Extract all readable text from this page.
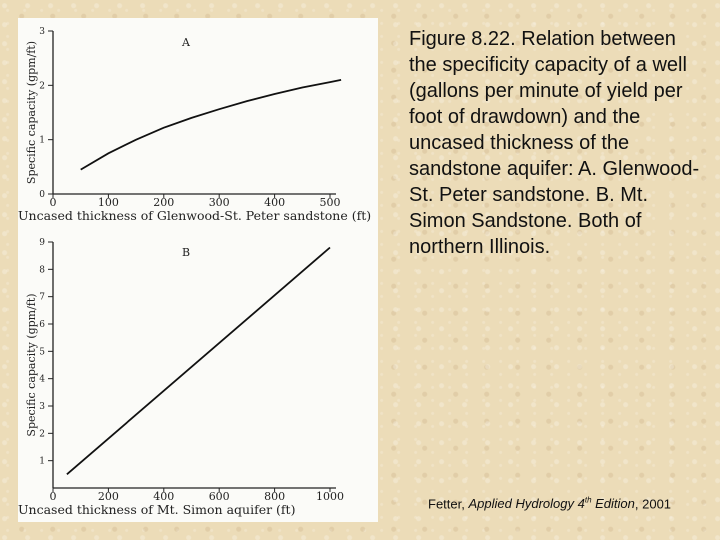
0
1
2
3
0	100	200	300	400	500
A
Uncased thickness of Glenwood-St. Peter sandstone (ft)
Specific capacity (gpm/ft)
1
2
3
4
5
6
7
8
9
0	200	400	600	800	1000
B
Uncased thickness of Mt. Simon aquifer (ft)
Specific capacity (gpm/ft)
Figure 8.22. Relation between the specificity capacity of a well (gallons per minute of yield per foot of drawdown) and the uncased thickness of the sandstone aquifer: A. Glenwood-St. Peter sandstone. B. Mt. Simon Sandstone. Both of northern Illinois.
Fetter, Applied Hydrology 4th Edition, 2001
